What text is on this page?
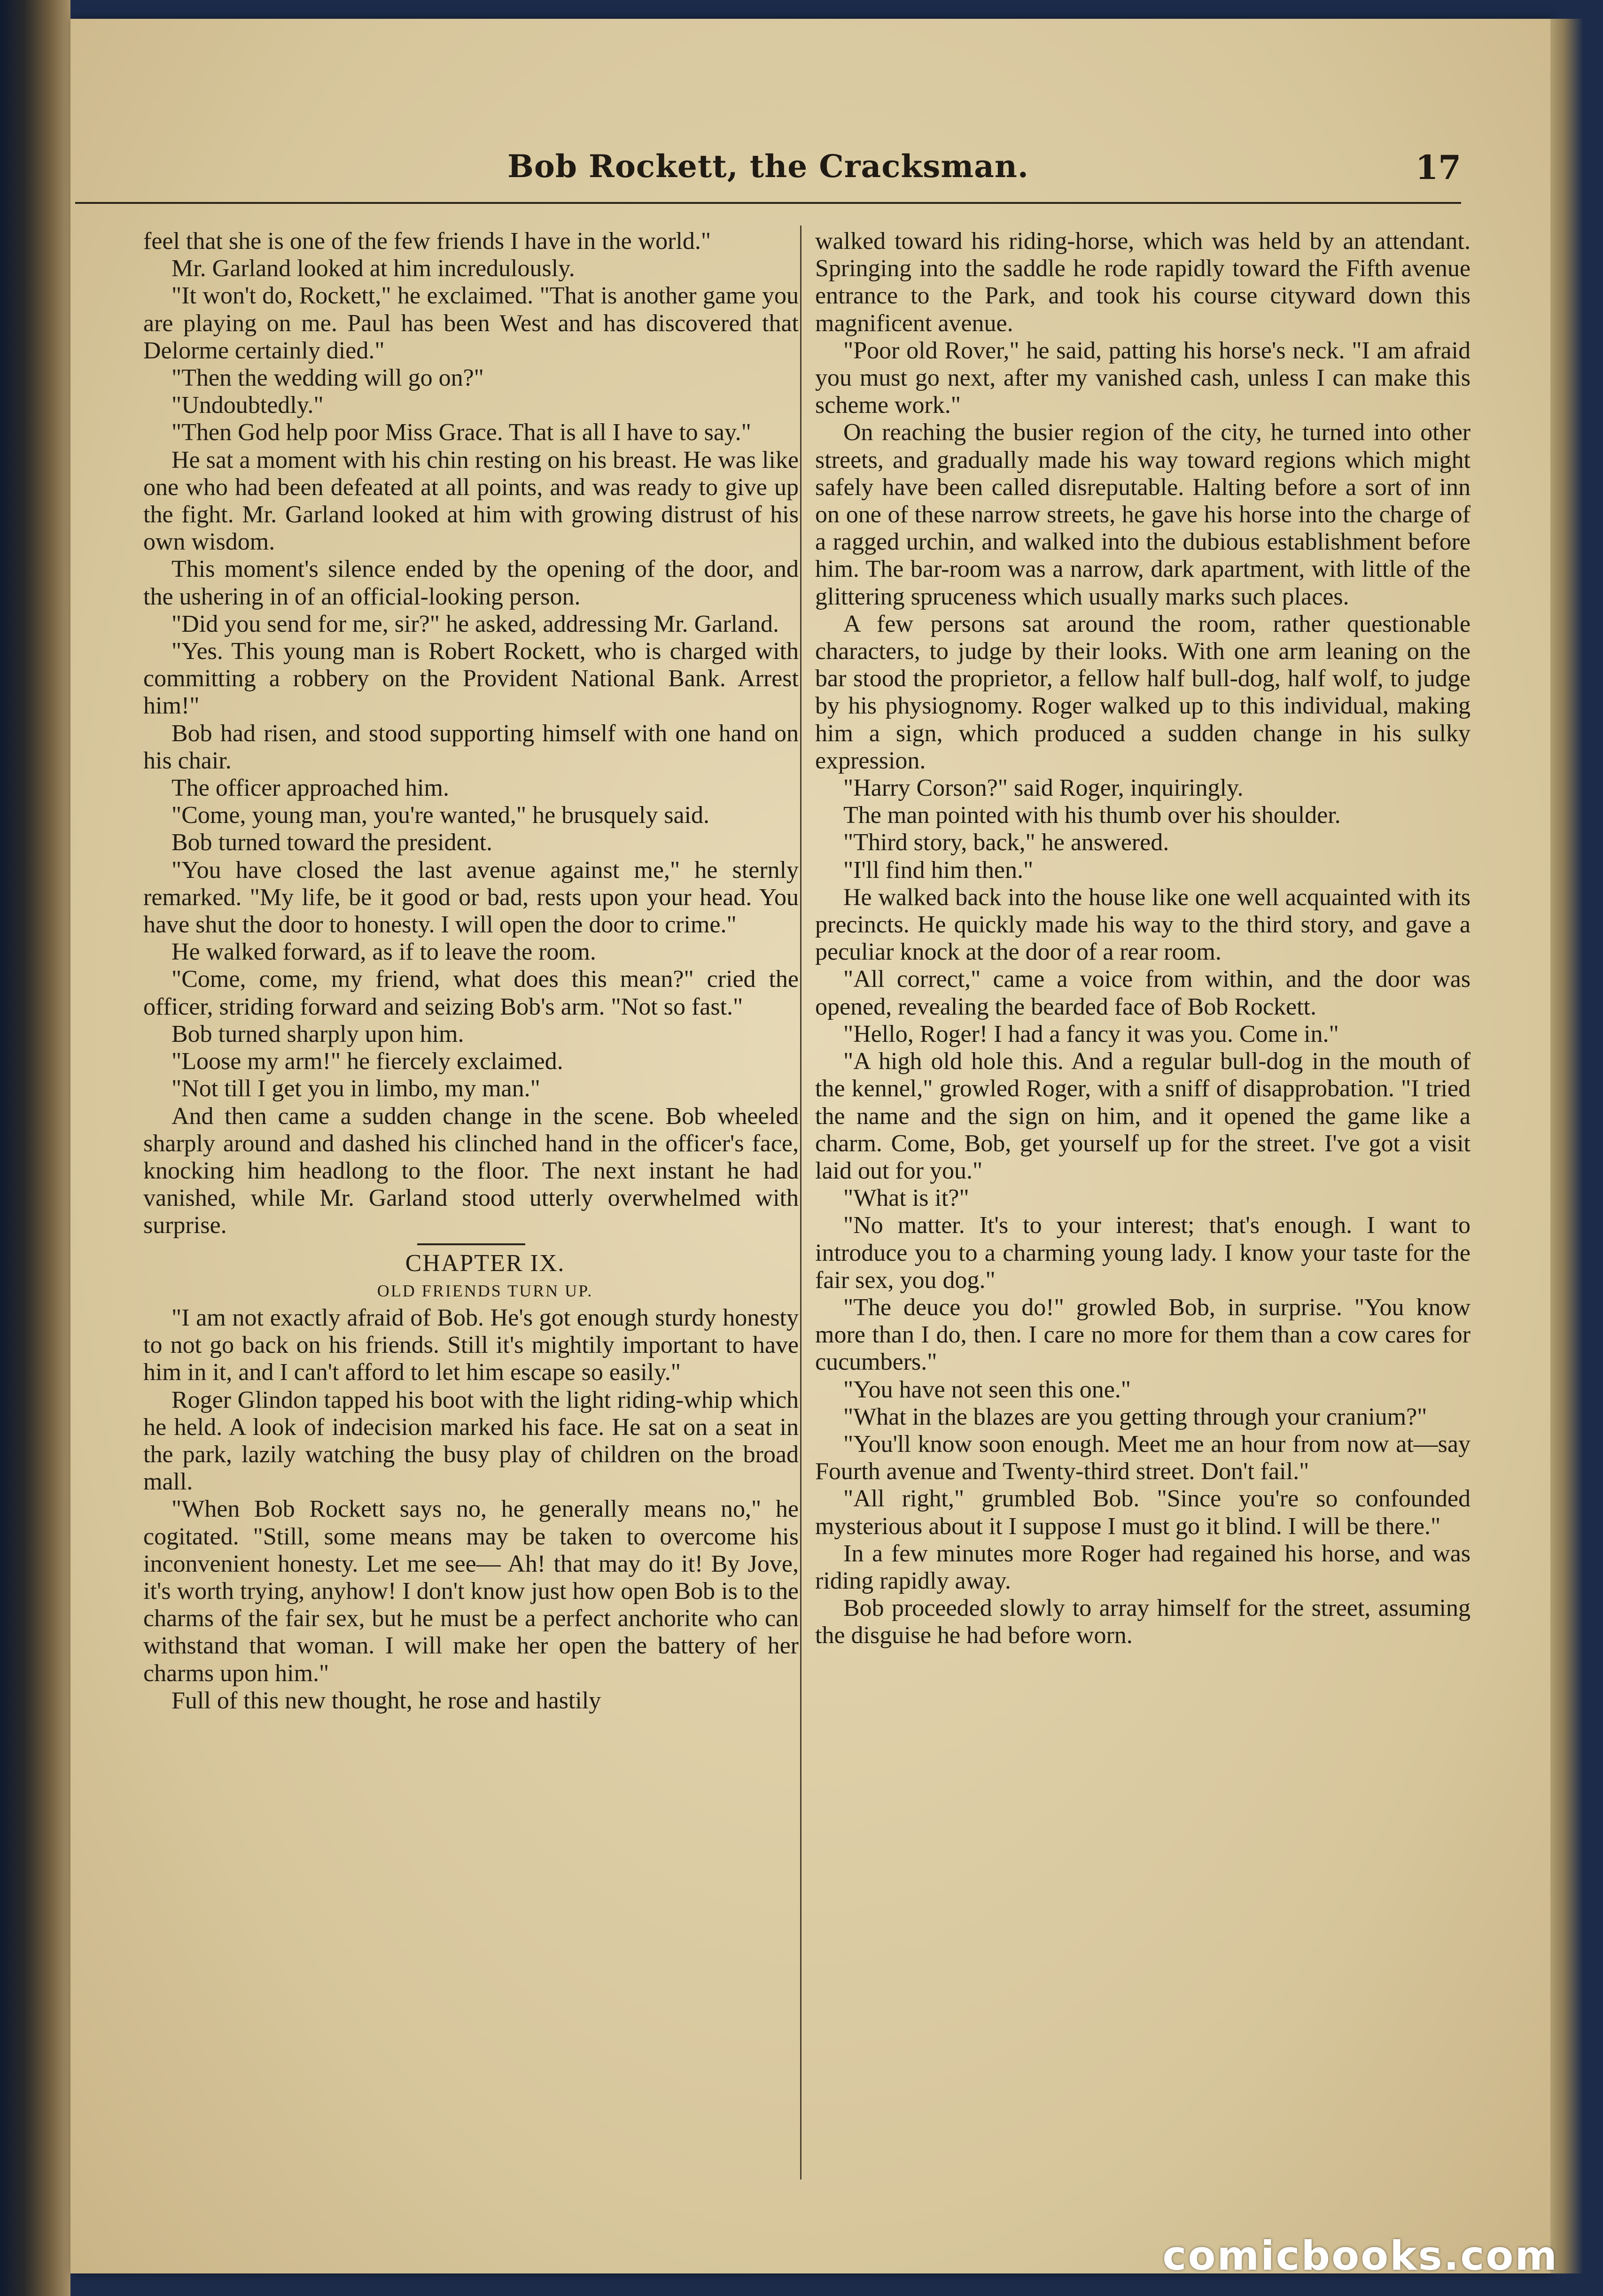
Bob Rockett, the Cracksman.	17

feel that she is one of the few friends I have in the world."

Mr. Garland looked at him incredulously.

"It won't do, Rockett," he exclaimed. "That is another game you are playing on me. Paul has been West and has discovered that Delorme certainly died."

"Then the wedding will go on?"

"Undoubtedly."

"Then God help poor Miss Grace. That is all I have to say."

He sat a moment with his chin resting on his breast. He was like one who had been defeated at all points, and was ready to give up the fight. Mr. Garland looked at him with growing distrust of his own wisdom.

This moment's silence ended by the opening of the door, and the ushering in of an official-looking person.

"Did you send for me, sir?" he asked, addressing Mr. Garland.

"Yes. This young man is Robert Rockett, who is charged with committing a robbery on the Provident National Bank. Arrest him!"

Bob had risen, and stood supporting himself with one hand on his chair.

The officer approached him.

"Come, young man, you're wanted," he brusquely said.

Bob turned toward the president.

"You have closed the last avenue against me," he sternly remarked. "My life, be it good or bad, rests upon your head. You have shut the door to honesty. I will open the door to crime."

He walked forward, as if to leave the room.

"Come, come, my friend, what does this mean?" cried the officer, striding forward and seizing Bob's arm. "Not so fast."

Bob turned sharply upon him.

"Loose my arm!" he fiercely exclaimed.

"Not till I get you in limbo, my man."

And then came a sudden change in the scene. Bob wheeled sharply around and dashed his clinched hand in the officer's face, knocking him headlong to the floor. The next instant he had vanished, while Mr. Garland stood utterly overwhelmed with surprise.

CHAPTER IX.

OLD FRIENDS TURN UP.

"I am not exactly afraid of Bob. He's got enough sturdy honesty to not go back on his friends. Still it's mightily important to have him in it, and I can't afford to let him escape so easily."

Roger Glindon tapped his boot with the light riding-whip which he held. A look of indecision marked his face. He sat on a seat in the park, lazily watching the busy play of children on the broad mall.

"When Bob Rockett says no, he generally means no," he cogitated. "Still, some means may be taken to overcome his inconvenient honesty. Let me see— Ah! that may do it! By Jove, it's worth trying, anyhow! I don't know just how open Bob is to the charms of the fair sex, but he must be a perfect anchorite who can withstand that woman. I will make her open the battery of her charms upon him."

Full of this new thought, he rose and hastily

walked toward his riding-horse, which was held by an attendant. Springing into the saddle he rode rapidly toward the Fifth avenue entrance to the Park, and took his course cityward down this magnificent avenue.

"Poor old Rover," he said, patting his horse's neck. "I am afraid you must go next, after my vanished cash, unless I can make this scheme work."

On reaching the busier region of the city, he turned into other streets, and gradually made his way toward regions which might safely have been called disreputable. Halting before a sort of inn on one of these narrow streets, he gave his horse into the charge of a ragged urchin, and walked into the dubious establishment before him. The bar-room was a narrow, dark apartment, with little of the glittering spruceness which usually marks such places.

A few persons sat around the room, rather questionable characters, to judge by their looks. With one arm leaning on the bar stood the proprietor, a fellow half bull-dog, half wolf, to judge by his physiognomy. Roger walked up to this individual, making him a sign, which produced a sudden change in his sulky expression.

"Harry Corson?" said Roger, inquiringly.

The man pointed with his thumb over his shoulder.

"Third story, back," he answered.

"I'll find him then."

He walked back into the house like one well acquainted with its precincts. He quickly made his way to the third story, and gave a peculiar knock at the door of a rear room.

"All correct," came a voice from within, and the door was opened, revealing the bearded face of Bob Rockett.

"Hello, Roger! I had a fancy it was you. Come in."

"A high old hole this. And a regular bull-dog in the mouth of the kennel," growled Roger, with a sniff of disapprobation. "I tried the name and the sign on him, and it opened the game like a charm. Come, Bob, get yourself up for the street. I've got a visit laid out for you."

"What is it?"

"No matter. It's to your interest; that's enough. I want to introduce you to a charming young lady. I know your taste for the fair sex, you dog."

"The deuce you do!" growled Bob, in surprise. "You know more than I do, then. I care no more for them than a cow cares for cucumbers."

"You have not seen this one."

"What in the blazes are you getting through your cranium?"

"You'll know soon enough. Meet me an hour from now at—say Fourth avenue and Twenty-third street. Don't fail."

"All right," grumbled Bob. "Since you're so confounded mysterious about it I suppose I must go it blind. I will be there."

In a few minutes more Roger had regained his horse, and was riding rapidly away.

Bob proceeded slowly to array himself for the street, assuming the disguise he had before worn.

comicbooks.com
